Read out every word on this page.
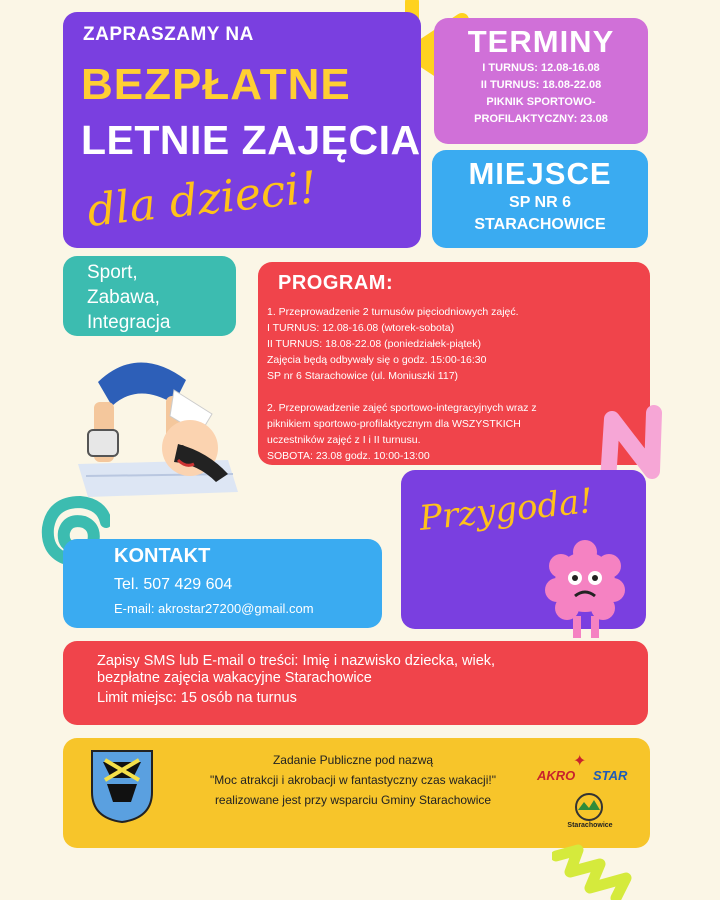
ZAPRASZAMY NA
BEZPŁATNE
LETNIE ZAJĘCIA
dla dzieci!
TERMINY
I TURNUS: 12.08-16.08
II TURNUS: 18.08-22.08
PIKNIK SPORTOWO-
PROFILAKTYCZNY: 23.08
MIEJSCE
SP NR 6
STARACHOWICE
Sport,
Zabawa,
Integracja
PROGRAM:
1. Przeprowadzenie 2 turnusów pięciodniowych zajęć.
I TURNUS: 12.08-16.08 (wtorek-sobota)
II TURNUS: 18.08-22.08 (poniedziałek-piątek)
Zajęcia będą odbywały się o godz. 15:00-16:30
SP nr 6 Starachowice (ul. Moniuszki 117)
2. Przeprowadzenie zajęć sportowo-integracyjnych wraz z
piknikiem sportowo-profilaktycznym dla WSZYSTKICH
uczestników zajęć z I i II turnusu.
SOBOTA: 23.08 godz. 10:00-13:00
Przygoda!
KONTAKT
Tel. 507 429 604
E-mail: akrostar27200@gmail.com
Zapisy SMS lub E-mail o treści: Imię i nazwisko dziecka, wiek,
bezpłatne zajęcia wakacyjne Starachowice
Limit miejsc: 15 osób na turnus
Zadanie Publiczne pod nazwą
"Moc atrakcji i akrobacji w fantastyczny czas wakacji!"
realizowane jest przy wsparciu Gminy Starachowice
AKRO
✦
STAR
Starachowice
